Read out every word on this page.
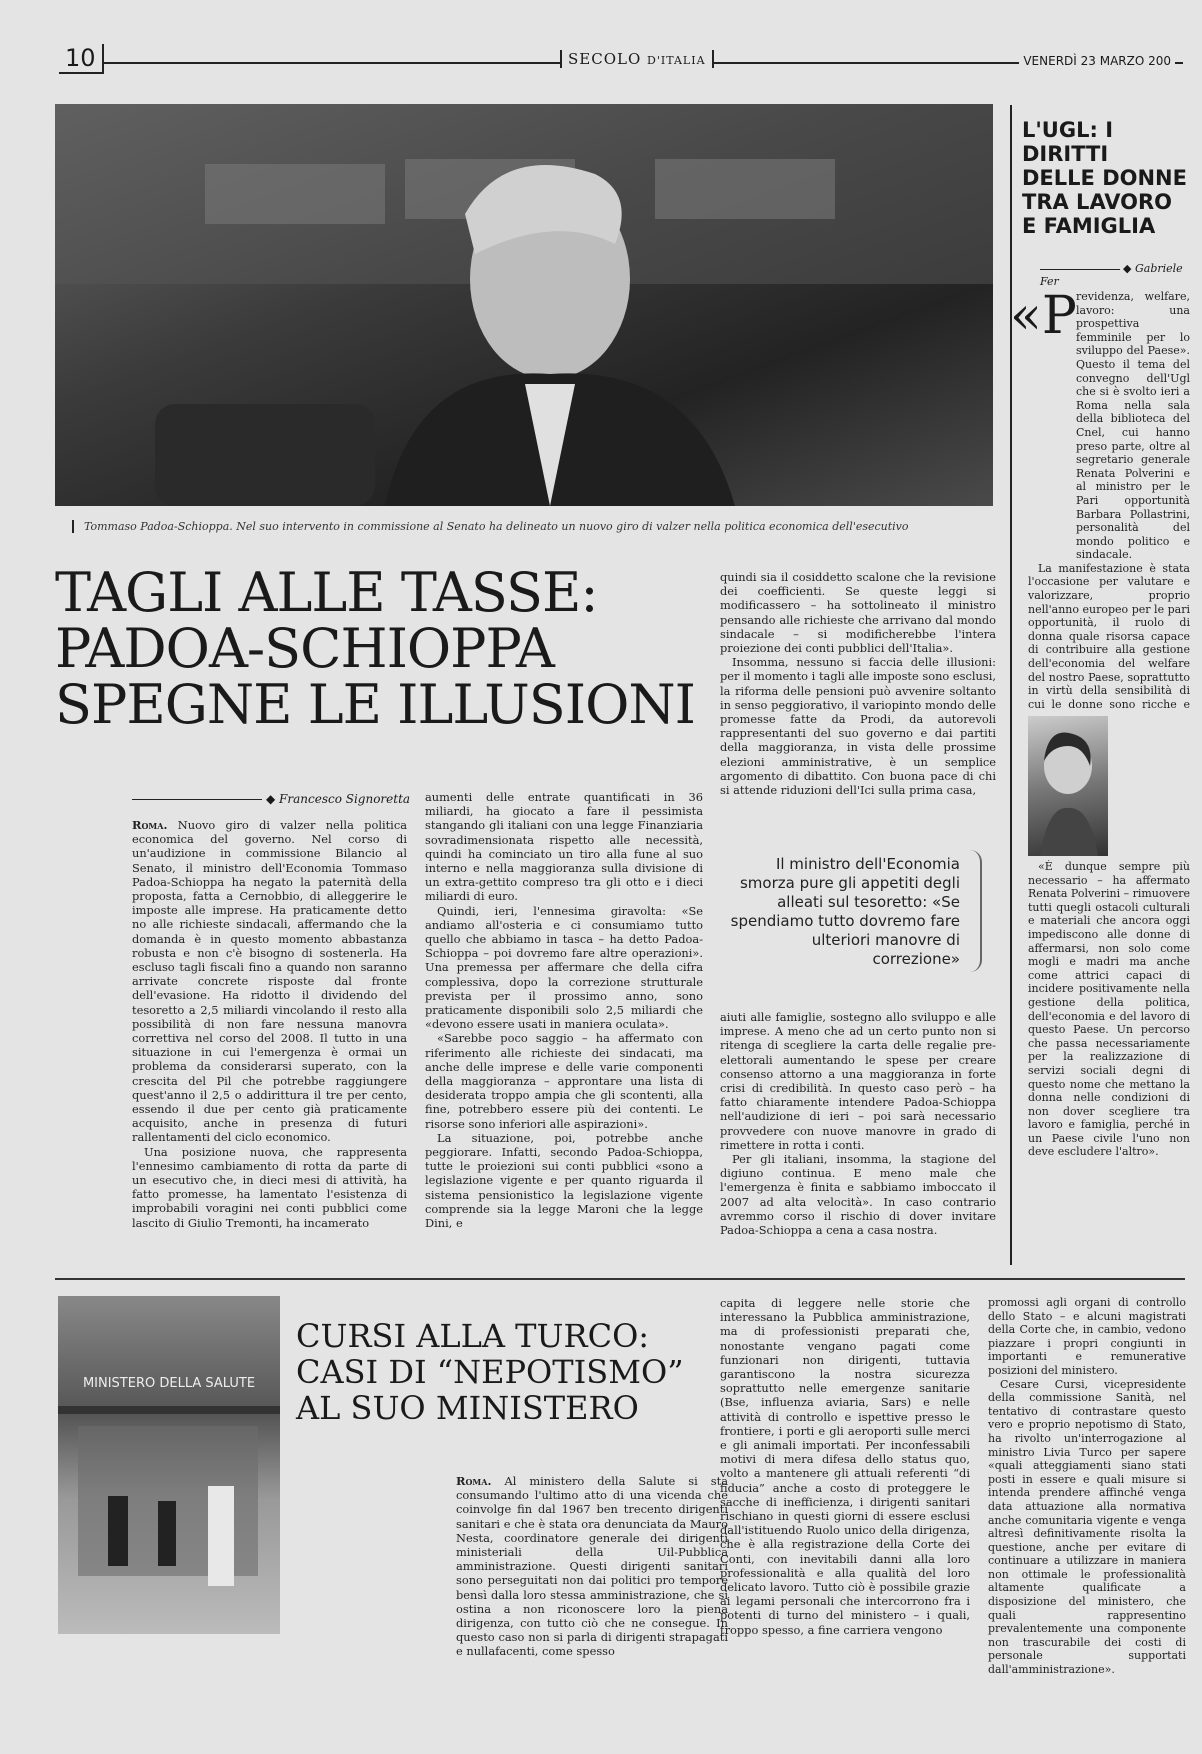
10	SECOLO D'ITALIA	VENERDÌ 23 MARZO 200
Tommaso Padoa-Schioppa. Nel suo intervento in commissione al Senato ha delineato un nuovo giro di valzer nella politica economica dell'esecutivo
TAGLI ALLE TASSE:
PADOA-SCHIOPPA
SPEGNE LE ILLUSIONI
◆ Francesco Signoretta

Roma. Nuovo giro di valzer nella politica economica del governo. Nel corso di un'audizione in commissione Bilancio al Senato, il ministro dell'Economia Tommaso Padoa-Schioppa ha negato la paternità della proposta, fatta a Cernobbio, di alleggerire le imposte alle imprese. Ha praticamente detto no alle richieste sindacali, affermando che la domanda è in questo momento abbastanza robusta e non c'è bisogno di sostenerla. Ha escluso tagli fiscali fino a quando non saranno arrivate concrete risposte dal fronte dell'evasione. Ha ridotto il dividendo del tesoretto a 2,5 miliardi vincolando il resto alla possibilità di non fare nessuna manovra correttiva nel corso del 2008. Il tutto in una situazione in cui l'emergenza è ormai un problema da considerarsi superato, con la crescita del Pil che potrebbe raggiungere quest'anno il 2,5 o addirittura il tre per cento, essendo il due per cento già praticamente acquisito, anche in presenza di futuri rallentamenti del ciclo economico.

Una posizione nuova, che rappresenta l'ennesimo cambiamento di rotta da parte di un esecutivo che, in dieci mesi di attività, ha fatto promesse, ha lamentato l'esistenza di improbabili voragini nei conti pubblici come lascito di Giulio Tremonti, ha incamerato

aumenti delle entrate quantificati in 36 miliardi, ha giocato a fare il pessimista stangando gli italiani con una legge Finanziaria sovradimensionata rispetto alle necessità, quindi ha cominciato un tiro alla fune al suo interno e nella maggioranza sulla divisione di un extra-gettito compreso tra gli otto e i dieci miliardi di euro.

Quindi, ieri, l'ennesima giravolta: «Se andiamo all'osteria e ci consumiamo tutto quello che abbiamo in tasca – ha detto Padoa-Schioppa – poi dovremo fare altre operazioni». Una premessa per affermare che della cifra complessiva, dopo la correzione strutturale prevista per il prossimo anno, sono praticamente disponibili solo 2,5 miliardi che «devono essere usati in maniera oculata».

«Sarebbe poco saggio – ha affermato con riferimento alle richieste dei sindacati, ma anche delle imprese e delle varie componenti della maggioranza – approntare una lista di desiderata troppo ampia che gli scontenti, alla fine, potrebbero essere più dei contenti. Le risorse sono inferiori alle aspirazioni».

La situazione, poi, potrebbe anche peggiorare. Infatti, secondo Padoa-Schioppa, tutte le proiezioni sui conti pubblici «sono a legislazione vigente e per quanto riguarda il sistema pensionistico la legislazione vigente comprende sia la legge Maroni che la legge Dini, e

quindi sia il cosiddetto scalone che la revisione dei coefficienti. Se queste leggi si modificassero – ha sottolineato il ministro pensando alle richieste che arrivano dal mondo sindacale – si modificherebbe l'intera proiezione dei conti pubblici dell'Italia».

Insomma, nessuno si faccia delle illusioni: per il momento i tagli alle imposte sono esclusi, la riforma delle pensioni può avvenire soltanto in senso peggiorativo, il variopinto mondo delle promesse fatte da Prodi, da autorevoli rappresentanti del suo governo e dai partiti della maggioranza, in vista delle prossime elezioni amministrative, è un semplice argomento di dibattito. Con buona pace di chi si attende riduzioni dell'Ici sulla prima casa,

Il ministro dell'Economia smorza pure gli appetiti degli alleati sul tesoretto: «Se spendiamo tutto dovremo fare ulteriori manovre di correzione»

aiuti alle famiglie, sostegno allo sviluppo e alle imprese. A meno che ad un certo punto non si ritenga di scegliere la carta delle regalie pre-elettorali aumentando le spese per creare consenso attorno a una maggioranza in forte crisi di credibilità. In questo caso però – ha fatto chiaramente intendere Padoa-Schioppa nell'audizione di ieri – poi sarà necessario provvedere con nuove manovre in grado di rimettere in rotta i conti.

Per gli italiani, insomma, la stagione del digiuno continua. E meno male che l'emergenza è finita e sabbiamo imboccato il 2007 ad alta velocità». In caso contrario avremmo corso il rischio di dover invitare Padoa-Schioppa a cena a casa nostra.

L'UGL: I DIRITTI
DELLE DONNE
TRA LAVORO
E FAMIGLIA
◆ Gabriele Fer
«P revidenza, welfare, lavoro: una prospettiva femminile per lo sviluppo del Paese». Questo il tema del convegno dell'Ugl che si è svolto ieri a Roma nella sala della biblioteca del Cnel, cui hanno preso parte, oltre al segretario generale Renata Polverini e al ministro per le Pari opportunità Barbara Pollastrini, personalità del mondo politico e sindacale.

La manifestazione è stata l'occasione per valutare e valorizzare, proprio nell'anno europeo per le pari opportunità, il ruolo di donna quale risorsa capace di contribuire alla gestione dell'economia del welfare del nostro Paese, soprattutto in virtù della sensibilità di cui le donne sono ricche e

«È dunque sempre più necessario – ha affermato Renata Polverini – rimuovere tutti quegli ostacoli culturali e materiali che ancora oggi impediscono alle donne di affermarsi, non solo come mogli e madri ma anche come attrici capaci di incidere positivamente nella gestione della politica, dell'economia e del lavoro di questo Paese. Un percorso che passa necessariamente per la realizzazione di servizi sociali degni di questo nome che mettano la donna nelle condizioni di non dover scegliere tra lavoro e famiglia, perché in un Paese civile l'uno non deve escludere l'altro».

MINISTERO DELLA SALUTE
CURSI ALLA TURCO:
CASI DI “NEPOTISMO”
AL SUO MINISTERO

Roma. Al ministero della Salute si sta consumando l'ultimo atto di una vicenda che coinvolge fin dal 1967 ben trecento dirigenti sanitari e che è stata ora denunciata da Mauro Nesta, coordinatore generale dei dirigenti ministeriali della Uil-Pubblica amministrazione. Questi dirigenti sanitari sono perseguitati non dai politici pro tempore bensì dalla loro stessa amministrazione, che si ostina a non riconoscere loro la piena dirigenza, con tutto ciò che ne consegue. In questo caso non si parla di dirigenti strapagati e nullafacenti, come spesso

capita di leggere nelle storie che interessano la Pubblica amministrazione, ma di professionisti preparati che, nonostante vengano pagati come funzionari non dirigenti, tuttavia garantiscono la nostra sicurezza soprattutto nelle emergenze sanitarie (Bse, influenza aviaria, Sars) e nelle attività di controllo e ispettive presso le frontiere, i porti e gli aeroporti sulle merci e gli animali importati. Per inconfessabili motivi di mera difesa dello status quo, volto a mantenere gli attuali referenti “di fiducia” anche a costo di proteggere le sacche di inefficienza, i dirigenti sanitari rischiano in questi giorni di essere esclusi dall'istituendo Ruolo unico della dirigenza, che è alla registrazione della Corte dei Conti, con inevitabili danni alla loro professionalità e alla qualità del loro delicato lavoro. Tutto ciò è possibile grazie ai legami personali che intercorrono fra i potenti di turno del ministero – i quali, troppo spesso, a fine carriera vengono

promossi agli organi di controllo dello Stato – e alcuni magistrati della Corte che, in cambio, vedono piazzare i propri congiunti in importanti e remunerative posizioni del ministero.

Cesare Cursi, vicepresidente della commissione Sanità, nel tentativo di contrastare questo vero e proprio nepotismo di Stato, ha rivolto un'interrogazione al ministro Livia Turco per sapere «quali atteggiamenti siano stati posti in essere e quali misure si intenda prendere affinché venga data attuazione alla normativa anche comunitaria vigente e venga altresì definitivamente risolta la questione, anche per evitare di continuare a utilizzare in maniera non ottimale le professionalità altamente qualificate a disposizione del ministero, che quali rappresentino prevalentemente una componente non trascurabile dei costi di personale supportati dall'amministrazione».
